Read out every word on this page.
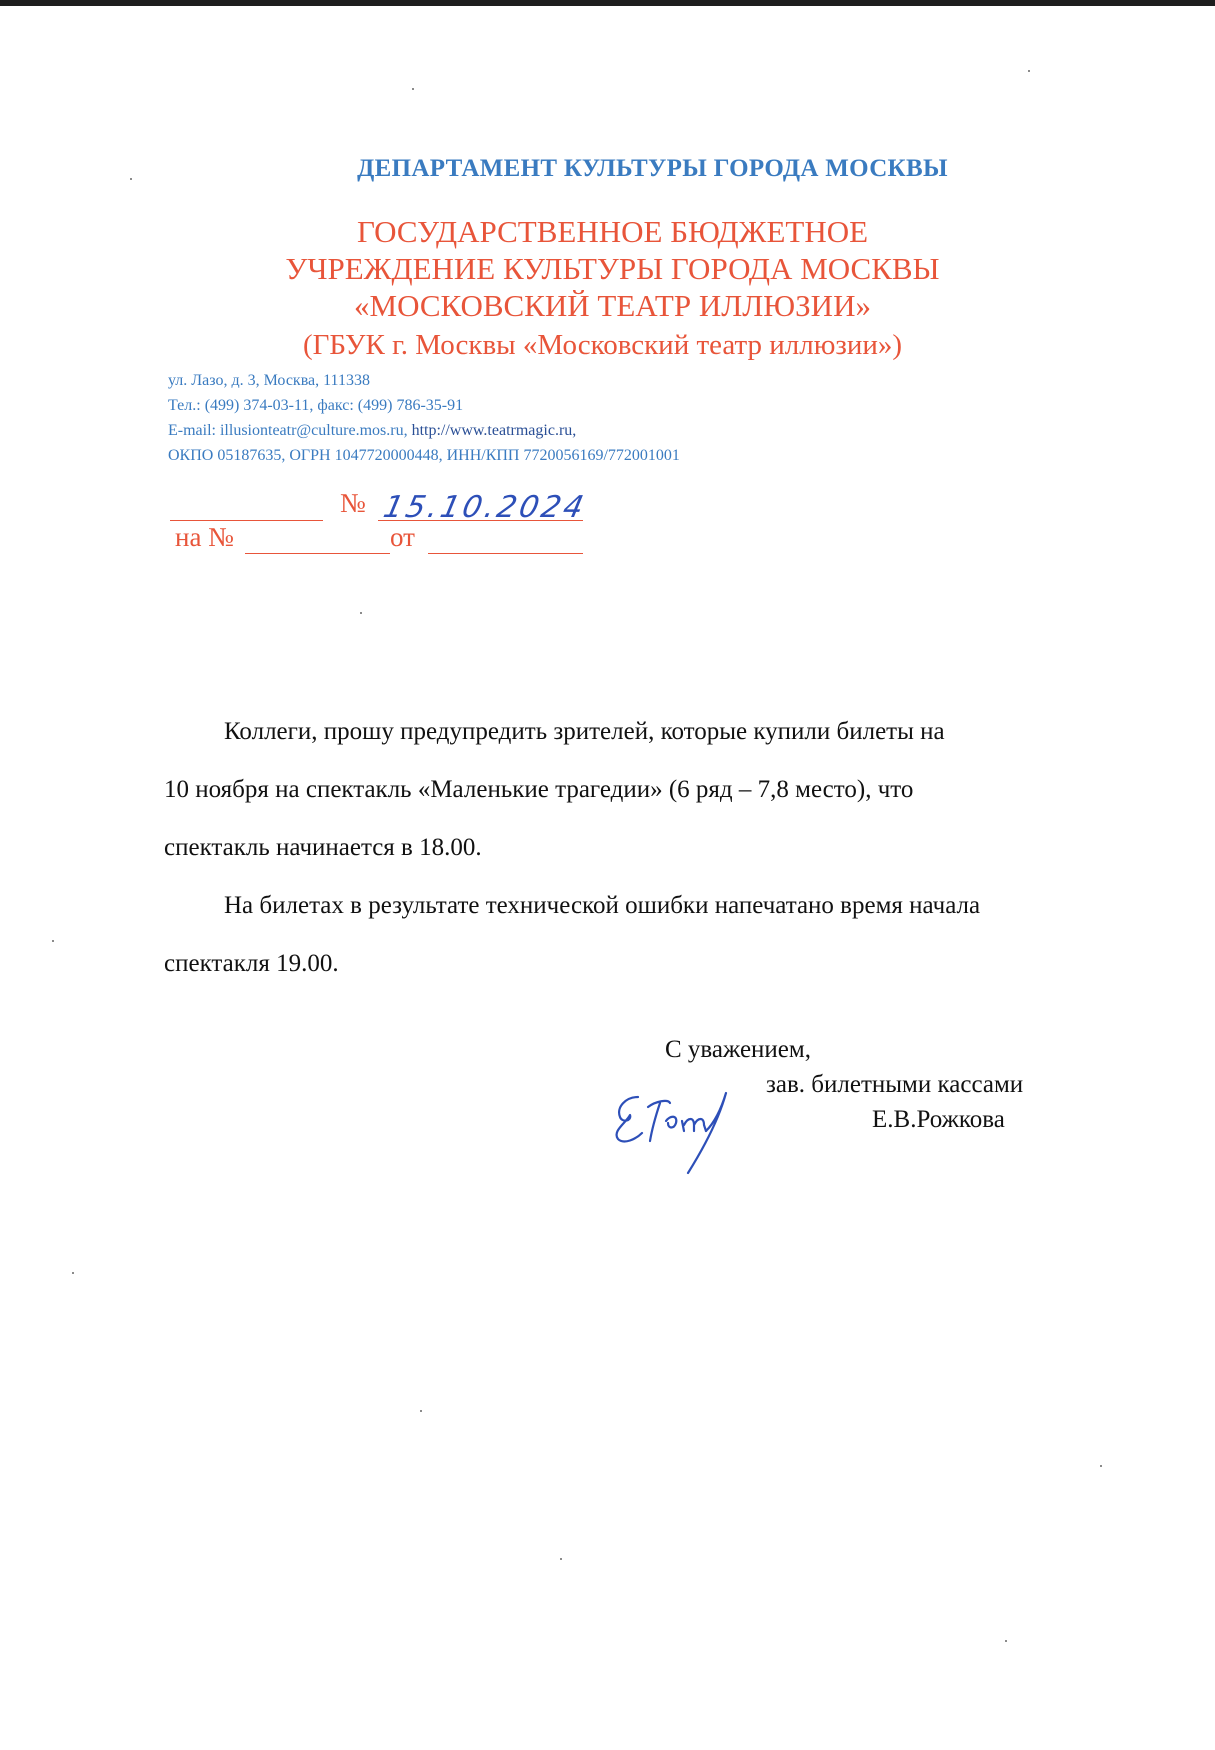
ДЕПАРТАМЕНТ КУЛЬТУРЫ ГОРОДА МОСКВЫ
ГОСУДАРСТВЕННОЕ БЮДЖЕТНОЕ
УЧРЕЖДЕНИЕ КУЛЬТУРЫ ГОРОДА МОСКВЫ
«МОСКОВСКИЙ ТЕАТР ИЛЛЮЗИИ»
(ГБУК г. Москвы «Московский театр иллюзии»)
ул. Лазо, д. 3, Москва, 111338
Тел.: (499) 374-03-11, факс: (499) 786-35-91
E-mail: illusionteatr@culture.mos.ru, http://www.teatrmagic.ru,
ОКПО 05187635, ОГРН 1047720000448, ИНН/КПП 7720056169/772001001
№ 15.10.2024
на №	от

Коллеги, прошу предупредить зрителей, которые купили билеты на

10 ноября на спектакль «Маленькие трагедии» (6 ряд – 7,8 место), что

спектакль начинается в 18.00.

На билетах в результате технической ошибки напечатано время начала

спектакля 19.00.

С уважением,
зав. билетными кассами
Е.В.Рожкова
